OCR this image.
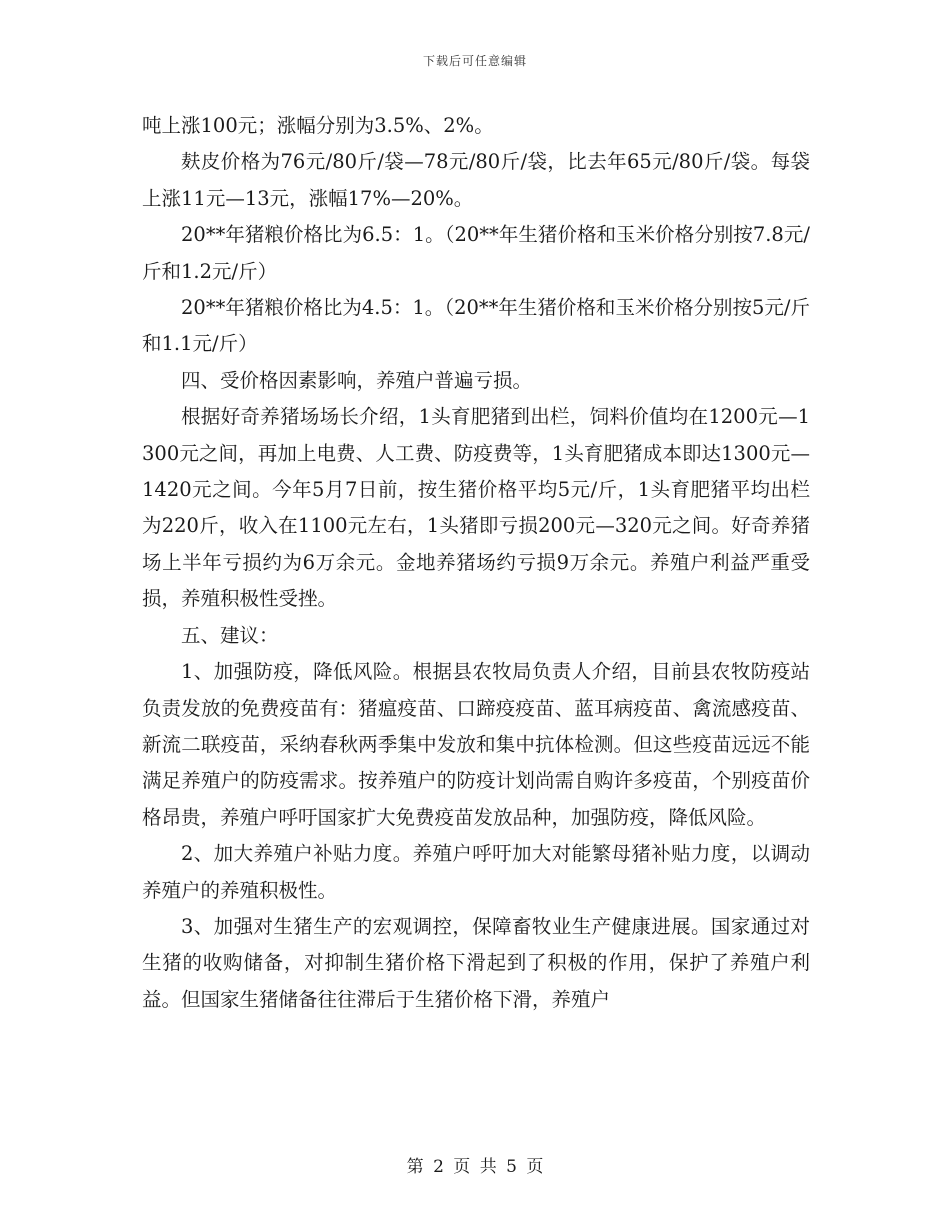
下载后可任意编辑

吨上涨100元；涨幅分别为3.5%、2%。

麸皮价格为76元/80斤/袋—78元/80斤/袋，比去年65元/80斤/袋。每袋上涨11元—13元，涨幅17%—20%。

20**年猪粮价格比为6.5：1。（20**年生猪价格和玉米价格分别按7.8元/斤和1.2元/斤）

20**年猪粮价格比为4.5：1。（20**年生猪价格和玉米价格分别按5元/斤和1.1元/斤）

四、受价格因素影响，养殖户普遍亏损。

根据好奇养猪场场长介绍，1头育肥猪到出栏，饲料价值均在1200元—1300元之间，再加上电费、人工费、防疫费等，1头育肥猪成本即达1300元—1420元之间。今年5月7日前，按生猪价格平均5元/斤，1头育肥猪平均出栏为220斤，收入在1100元左右，1头猪即亏损200元—320元之间。好奇养猪场上半年亏损约为6万余元。金地养猪场约亏损9万余元。养殖户利益严重受损，养殖积极性受挫。

五、建议：

1、加强防疫，降低风险。根据县农牧局负责人介绍，目前县农牧防疫站负责发放的免费疫苗有：猪瘟疫苗、口蹄疫疫苗、蓝耳病疫苗、禽流感疫苗、新流二联疫苗，采纳春秋两季集中发放和集中抗体检测。但这些疫苗远远不能满足养殖户的防疫需求。按养殖户的防疫计划尚需自购许多疫苗，个别疫苗价格昂贵，养殖户呼吁国家扩大免费疫苗发放品种，加强防疫，降低风险。

2、加大养殖户补贴力度。养殖户呼吁加大对能繁母猪补贴力度，以调动养殖户的养殖积极性。

3、加强对生猪生产的宏观调控，保障畜牧业生产健康进展。国家通过对生猪的收购储备，对抑制生猪价格下滑起到了积极的作用，保护了养殖户利益。但国家生猪储备往往滞后于生猪价格下滑，养殖户

第 2 页 共 5 页
